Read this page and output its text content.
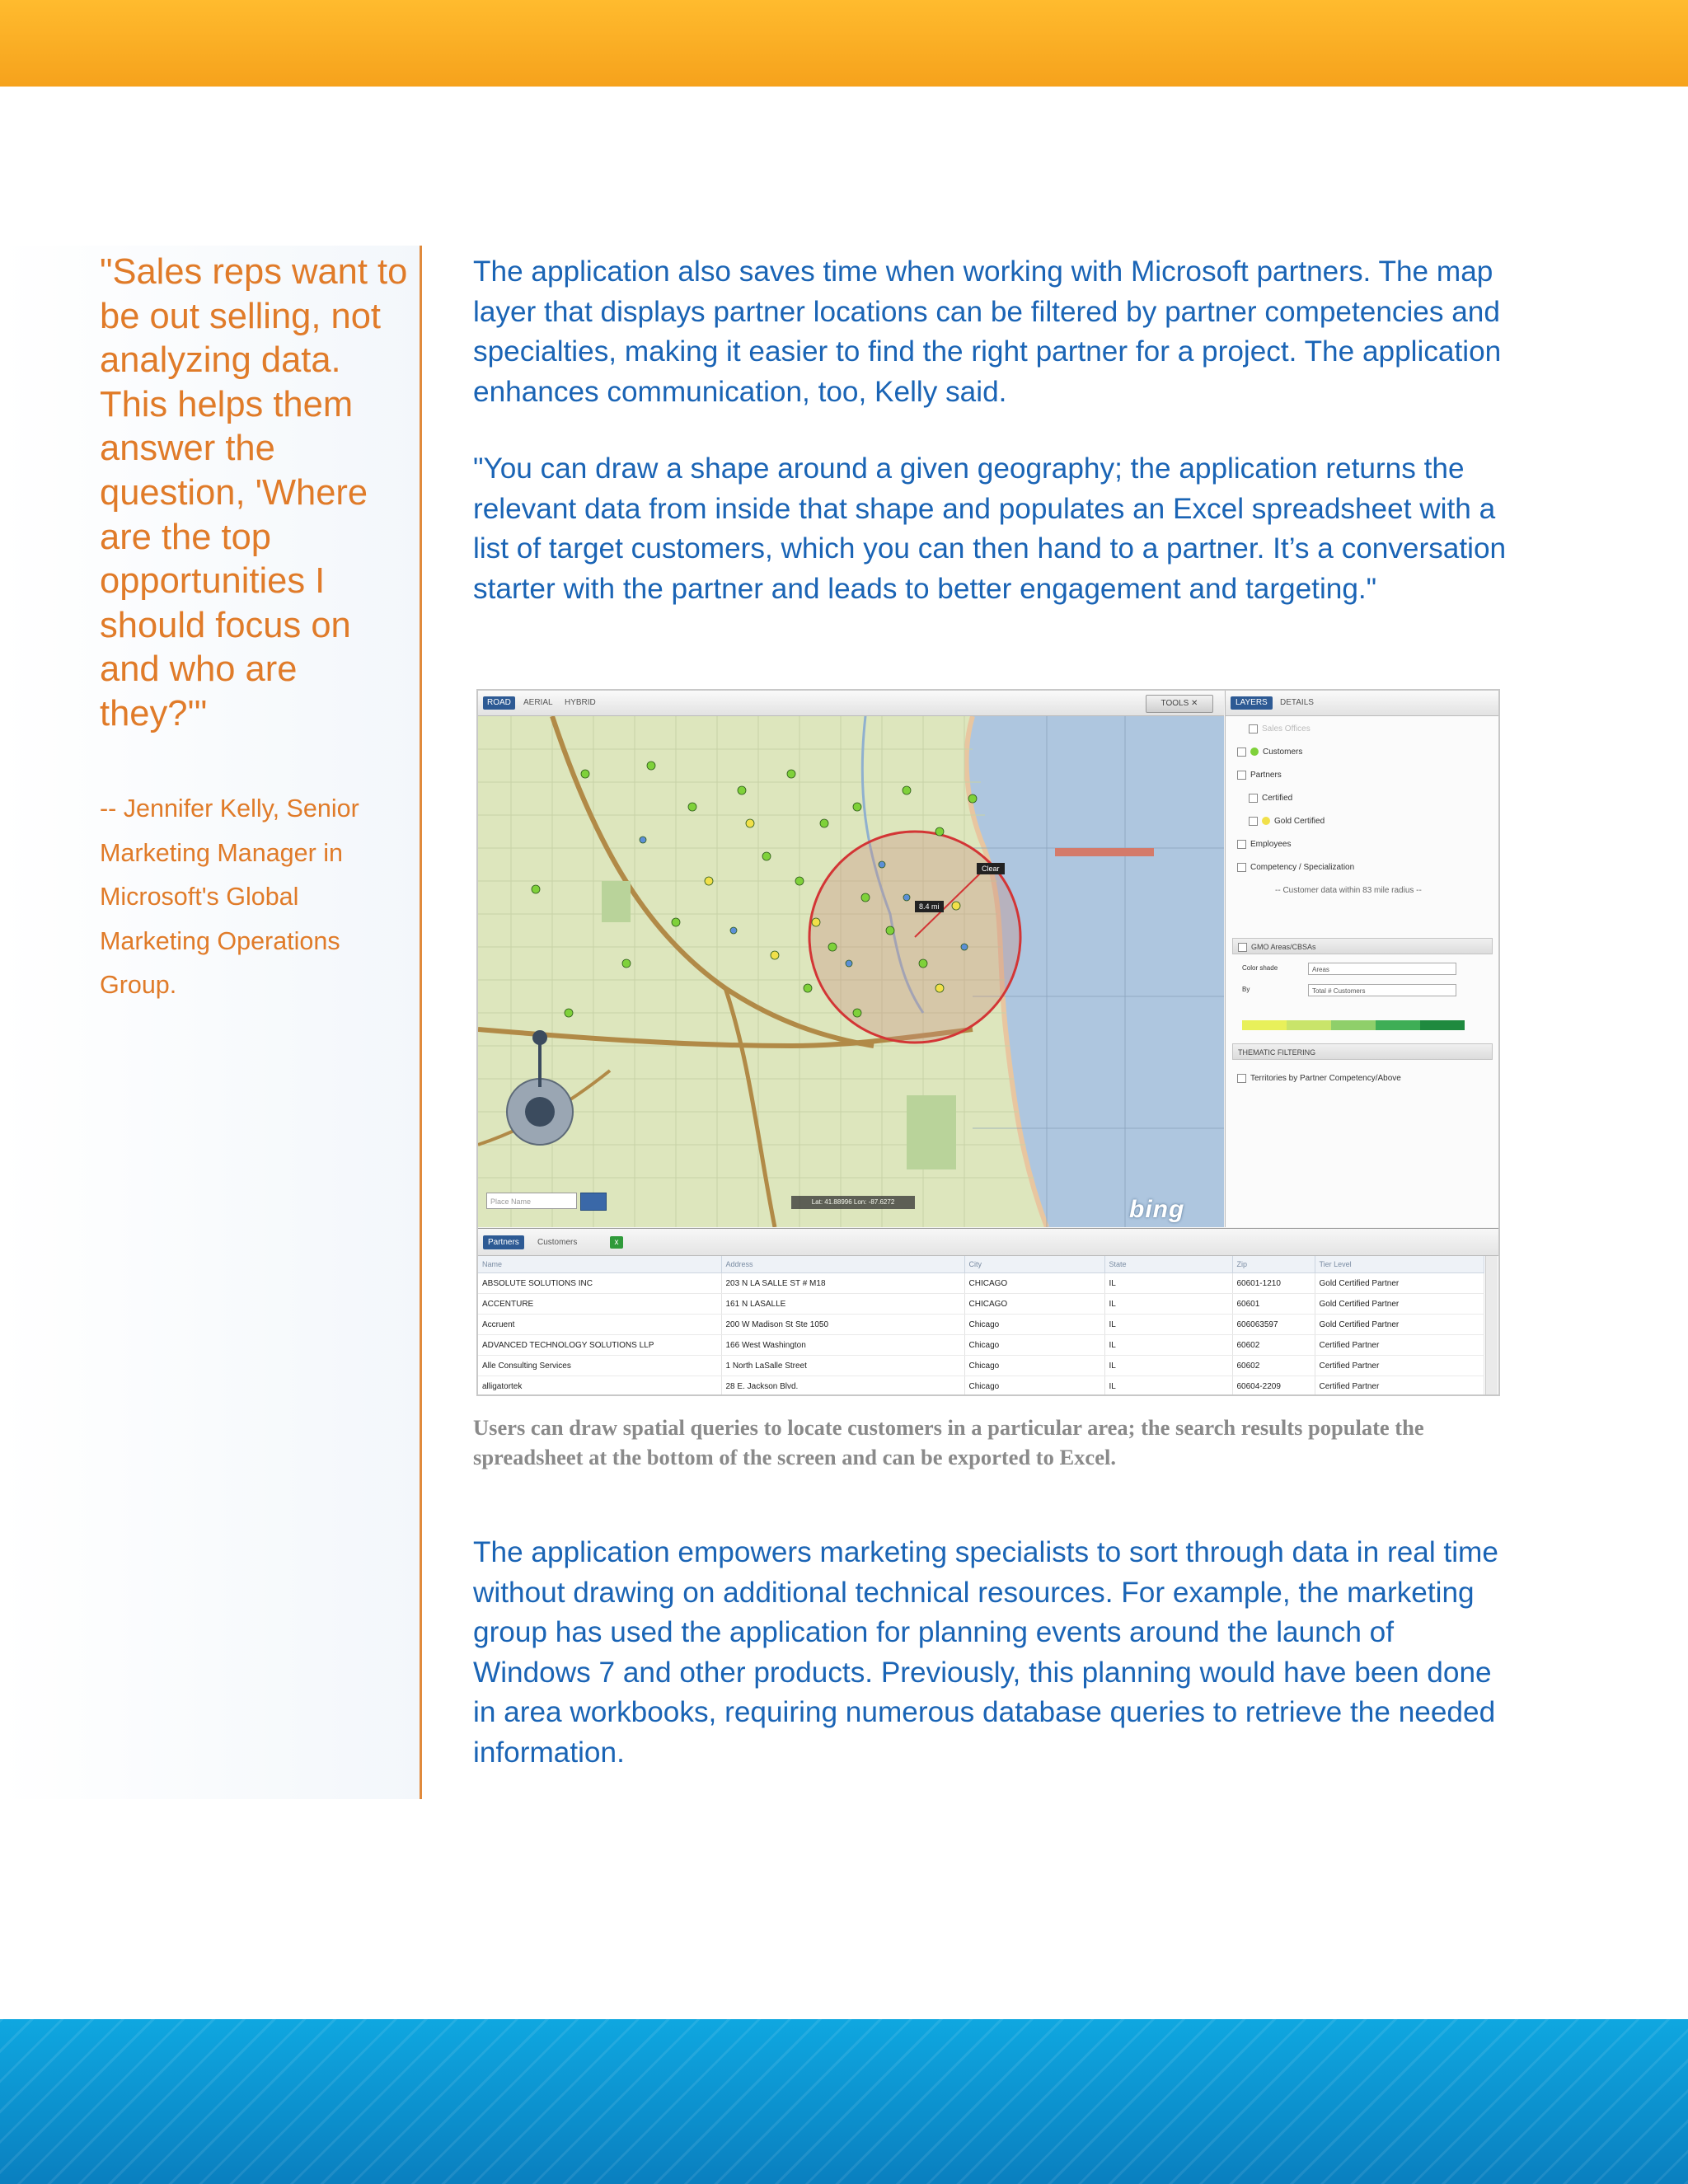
"Sales reps want to be out selling, not analyzing data. This helps them answer the question, 'Where are the top opportunities I should focus on and who are they?'"

-- Jennifer Kelly, Senior Marketing Manager in Microsoft's Global Marketing Operations Group.

The application also saves time when working with Microsoft partners. The map layer that displays partner locations can be filtered by partner competencies and specialties, making it easier to find the right partner for a project. The application enhances communication, too, Kelly said.

"You can draw a shape around a given geography; the application returns the relevant data from inside that shape and populates an Excel spreadsheet with a list of target customers, which you can then hand to a partner. It’s a conversation starter with the partner and leads to better engagement and targeting."

ROAD	AERIAL	HYBRID	TOOLS ✕
Clear
8.4 mi
Lat: 41.88996 Lon: -87.6272
Place Name	bing
LAYERS	DETAILS
Sales Offices
Customers
Partners
Certified
Gold Certified
Employees
Competency / Specialization
-- Customer data within 83 mile radius --
GMO Areas/CBSAs
Color shade	Areas
By	Total # Customers
THEMATIC FILTERING
Territories by Partner Competency/Above
Partners	Customers	x
Name	Address	City	State	Zip	Tier Level
ABSOLUTE SOLUTIONS INC	203 N LA SALLE ST # M18	CHICAGO	IL	60601-1210	Gold Certified Partner
ACCENTURE	161 N LASALLE	CHICAGO	IL	60601	Gold Certified Partner
Accruent	200 W Madison St Ste 1050	Chicago	IL	606063597	Gold Certified Partner
ADVANCED TECHNOLOGY SOLUTIONS LLP	166 West Washington	Chicago	IL	60602	Certified Partner
Alle Consulting Services	1 North LaSalle Street	Chicago	IL	60602	Certified Partner
alligatortek	28 E. Jackson Blvd.	Chicago	IL	60604-2209	Certified Partner

Users can draw spatial queries to locate customers in a particular area; the search results populate the spreadsheet at the bottom of the screen and can be exported to Excel.

The application empowers marketing specialists to sort through data in real time without drawing on additional technical resources. For example, the marketing group has used the application for planning events around the launch of Windows 7 and other products. Previously, this planning would have been done in area workbooks, requiring numerous database queries to retrieve the needed information.
